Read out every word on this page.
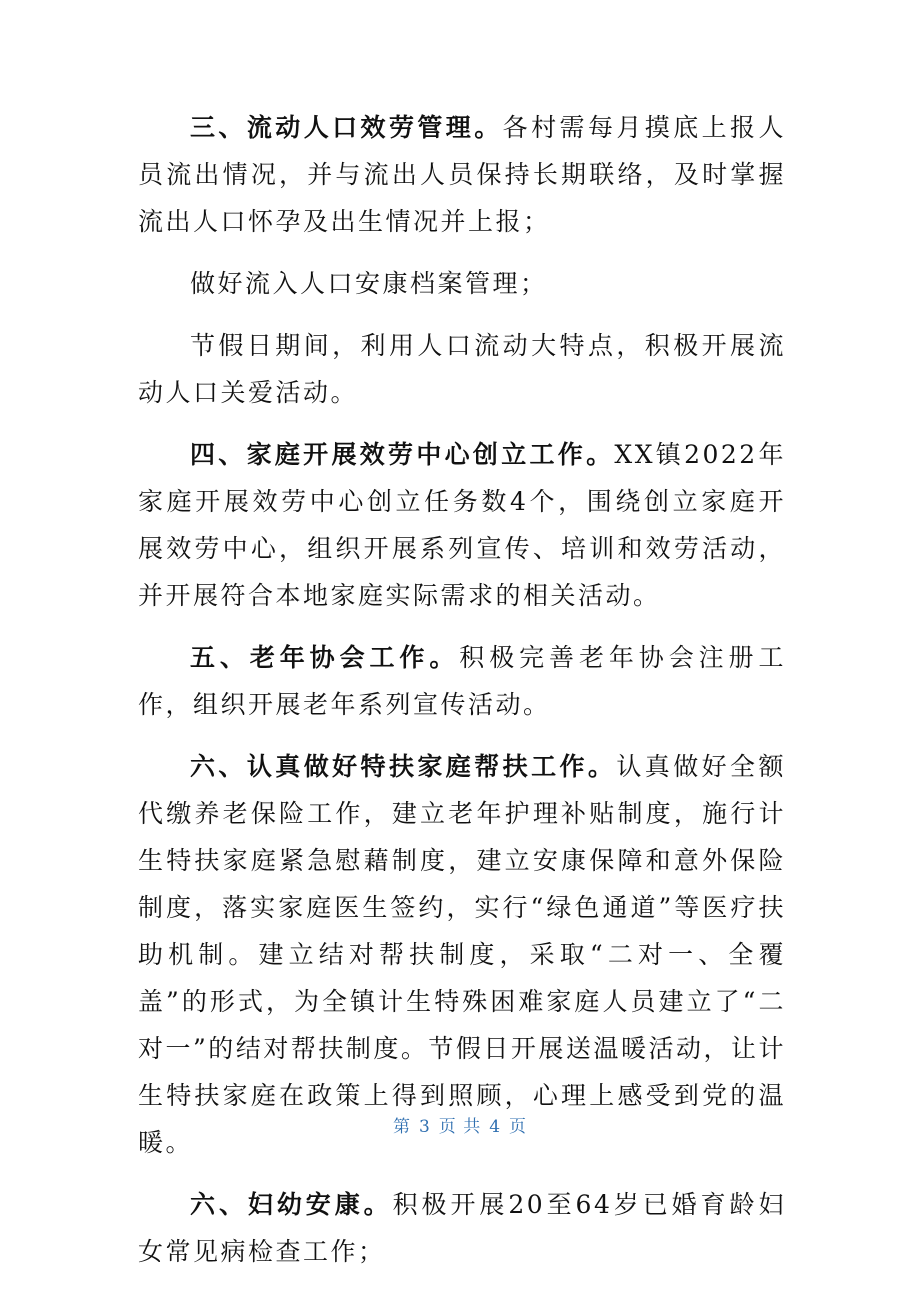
三、流动人口效劳管理。各村需每月摸底上报人员流出情况，并与流出人员保持长期联络，及时掌握流出人口怀孕及出生情况并上报；

做好流入人口安康档案管理；

节假日期间，利用人口流动大特点，积极开展流动人口关爱活动。

四、家庭开展效劳中心创立工作。XX镇2022年家庭开展效劳中心创立任务数4个，围绕创立家庭开展效劳中心，组织开展系列宣传、培训和效劳活动，并开展符合本地家庭实际需求的相关活动。

五、老年协会工作。积极完善老年协会注册工作，组织开展老年系列宣传活动。

六、认真做好特扶家庭帮扶工作。认真做好全额代缴养老保险工作，建立老年护理补贴制度，施行计生特扶家庭紧急慰藉制度，建立安康保障和意外保险制度，落实家庭医生签约，实行“绿色通道”等医疗扶助机制。建立结对帮扶制度，采取“二对一、全覆盖”的形式，为全镇计生特殊困难家庭人员建立了“二对一”的结对帮扶制度。节假日开展送温暖活动，让计生特扶家庭在政策上得到照顾，心理上感受到党的温暖。

六、妇幼安康。积极开展20至64岁已婚育龄妇女常见病检查工作；

第 3 页 共 4 页
